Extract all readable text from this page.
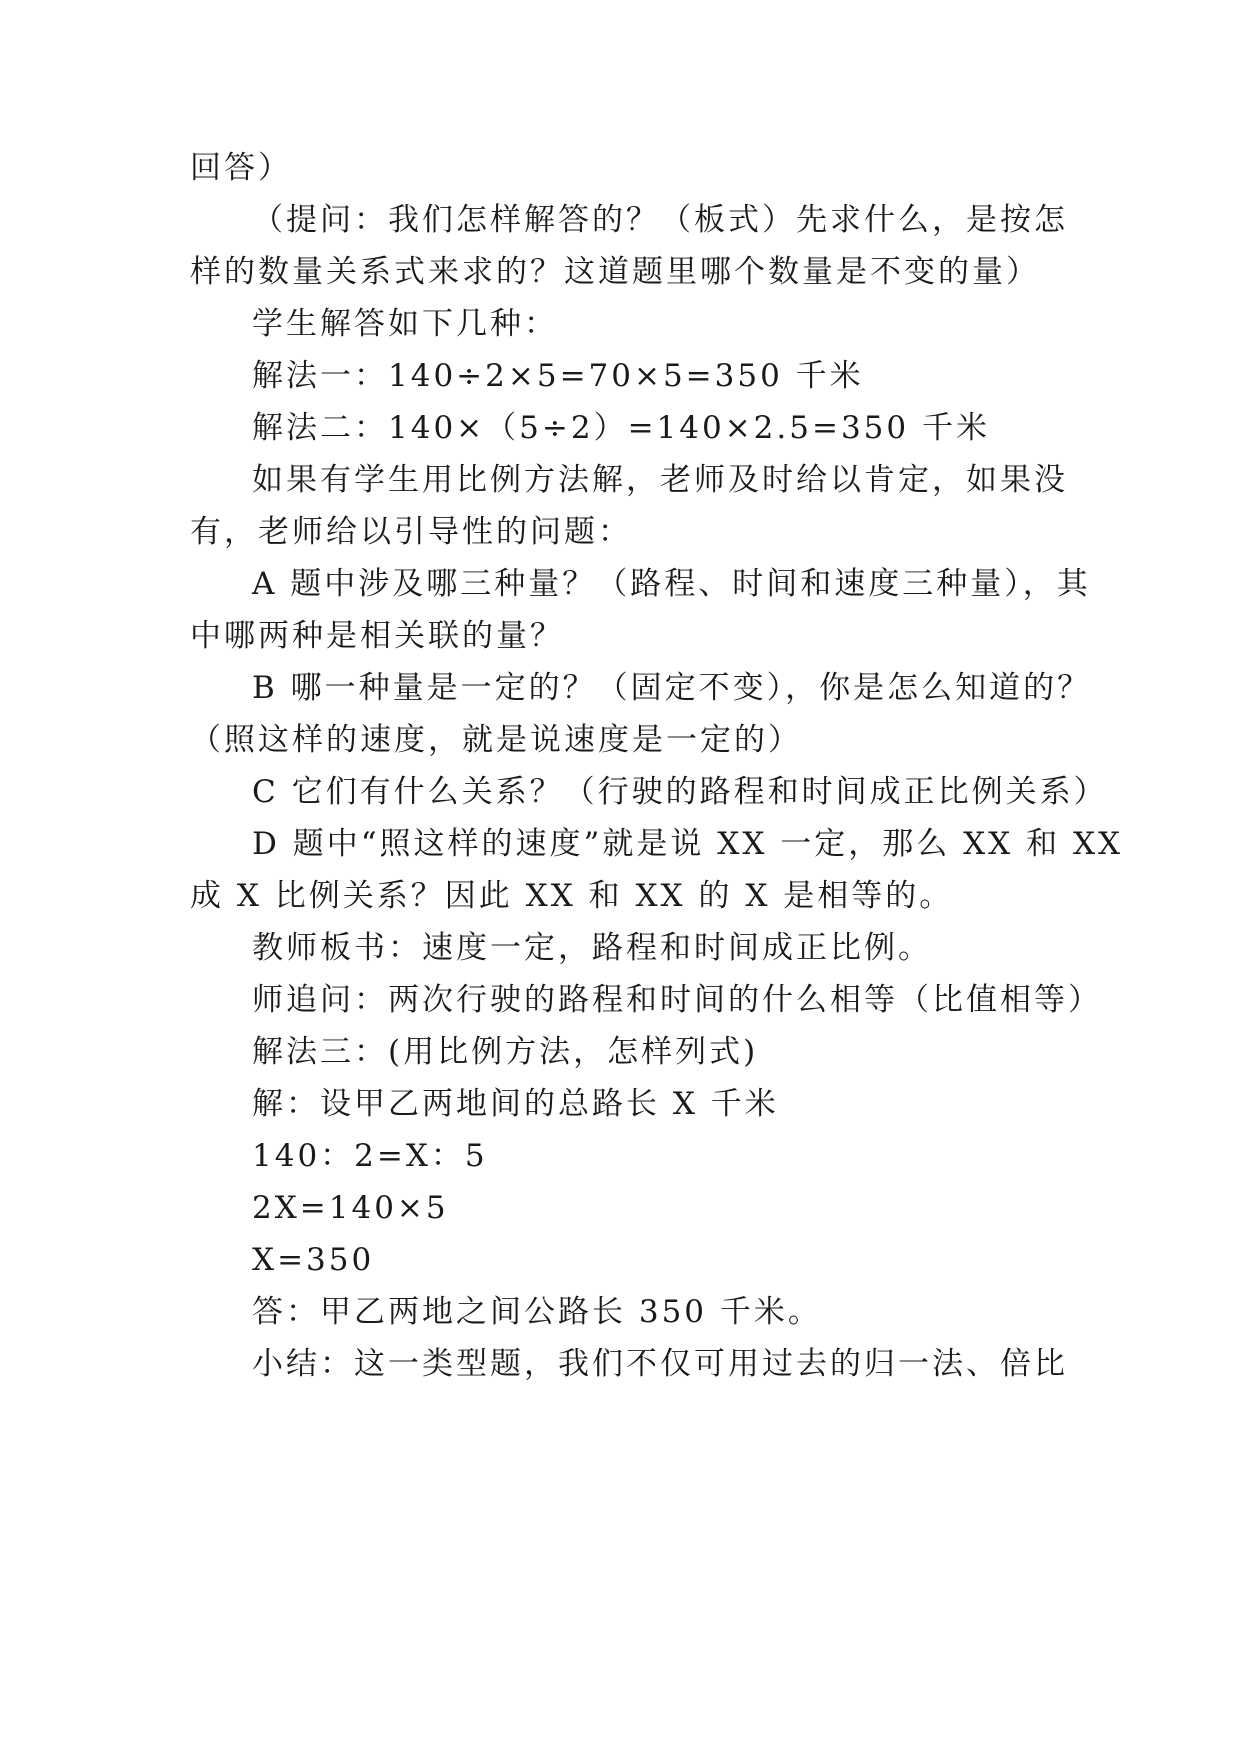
回答）
（提问：我们怎样解答的？（板式）先求什么，是按怎
样的数量关系式来求的？这道题里哪个数量是不变的量）
学生解答如下几种：
解法一：140÷2×5=70×5=350 千米
解法二：140×（5÷2）=140×2.5=350 千米
如果有学生用比例方法解，老师及时给以肯定，如果没
有，老师给以引导性的问题：
A 题中涉及哪三种量？（路程、时间和速度三种量），其
中哪两种是相关联的量？
B 哪一种量是一定的？（固定不变），你是怎么知道的？
（照这样的速度，就是说速度是一定的）
C 它们有什么关系？（行驶的路程和时间成正比例关系）
D 题中“照这样的速度”就是说 XX 一定，那么 XX 和 XX
成 X 比例关系？因此 XX 和 XX 的 X 是相等的。
教师板书：速度一定，路程和时间成正比例。
师追问：两次行驶的路程和时间的什么相等（比值相等）
解法三：(用比例方法，怎样列式)
解：设甲乙两地间的总路长 X 千米
140：2=X：5
2X=140×5
X=350
答：甲乙两地之间公路长 350 千米。
小结：这一类型题，我们不仅可用过去的归一法、倍比
